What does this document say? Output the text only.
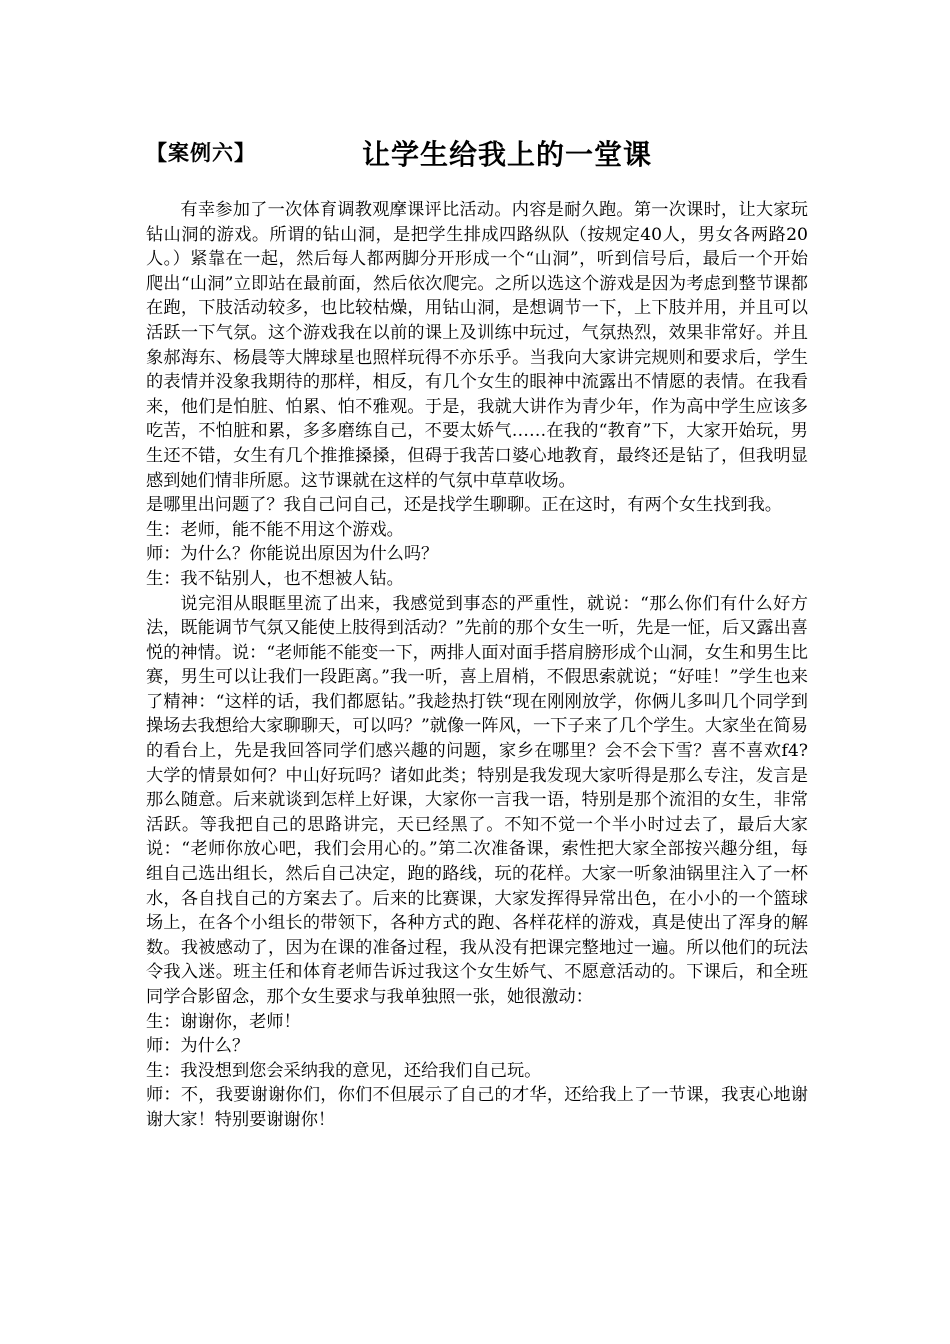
【案例六】	让学生给我上的一堂课

有幸参加了一次体育调教观摩课评比活动。内容是耐久跑。第一次课时，让大家玩钻山洞的游戏。所谓的钻山洞，是把学生排成四路纵队（按规定40人，男女各两路20人。）紧靠在一起，然后每人都两脚分开形成一个“山洞”，听到信号后，最后一个开始爬出“山洞”立即站在最前面，然后依次爬完。之所以选这个游戏是因为考虑到整节课都在跑，下肢活动较多，也比较枯燥，用钻山洞，是想调节一下，上下肢并用，并且可以活跃一下气氛。这个游戏我在以前的课上及训练中玩过，气氛热烈，效果非常好。并且象郝海东、杨晨等大牌球星也照样玩得不亦乐乎。当我向大家讲完规则和要求后，学生的表情并没象我期待的那样，相反，有几个女生的眼神中流露出不情愿的表情。在我看来，他们是怕脏、怕累、怕不雅观。于是，我就大讲作为青少年，作为高中学生应该多吃苦，不怕脏和累，多多磨练自己，不要太娇气……在我的“教育”下，大家开始玩，男生还不错，女生有几个推推搡搡，但碍于我苦口婆心地教育，最终还是钻了，但我明显感到她们情非所愿。这节课就在这样的气氛中草草收场。

是哪里出问题了？我自己问自己，还是找学生聊聊。正在这时，有两个女生找到我。

生：老师，能不能不用这个游戏。

师：为什么？你能说出原因为什么吗？

生：我不钻别人，也不想被人钻。

说完泪从眼眶里流了出来，我感觉到事态的严重性，就说：“那么你们有什么好方法，既能调节气氛又能使上肢得到活动？”先前的那个女生一听，先是一怔，后又露出喜悦的神情。说：“老师能不能变一下，两排人面对面手搭肩膀形成个山洞，女生和男生比赛，男生可以让我们一段距离。”我一听，喜上眉梢，不假思索就说；“好哇！”学生也来了精神：“这样的话，我们都愿钻。”我趁热打铁“现在刚刚放学，你俩儿多叫几个同学到操场去我想给大家聊聊天，可以吗？”就像一阵风，一下子来了几个学生。大家坐在简易的看台上，先是我回答同学们感兴趣的问题，家乡在哪里？会不会下雪？喜不喜欢f4?大学的情景如何？中山好玩吗？诸如此类；特别是我发现大家听得是那么专注，发言是那么随意。后来就谈到怎样上好课，大家你一言我一语，特别是那个流泪的女生，非常活跃。等我把自己的思路讲完，天已经黑了。不知不觉一个半小时过去了，最后大家说：“老师你放心吧，我们会用心的。”第二次准备课，索性把大家全部按兴趣分组，每组自己选出组长，然后自己决定，跑的路线，玩的花样。大家一听象油锅里注入了一杯水，各自找自己的方案去了。后来的比赛课，大家发挥得异常出色，在小小的一个篮球场上，在各个小组长的带领下，各种方式的跑、各样花样的游戏，真是使出了浑身的解数。我被感动了，因为在课的准备过程，我从没有把课完整地过一遍。所以他们的玩法令我入迷。班主任和体育老师告诉过我这个女生娇气、不愿意活动的。下课后，和全班同学合影留念，那个女生要求与我单独照一张，她很激动：

生：谢谢你，老师！

师：为什么？

生：我没想到您会采纳我的意见，还给我们自己玩。

师：不，我要谢谢你们，你们不但展示了自己的才华，还给我上了一节课，我衷心地谢谢大家！特别要谢谢你！
